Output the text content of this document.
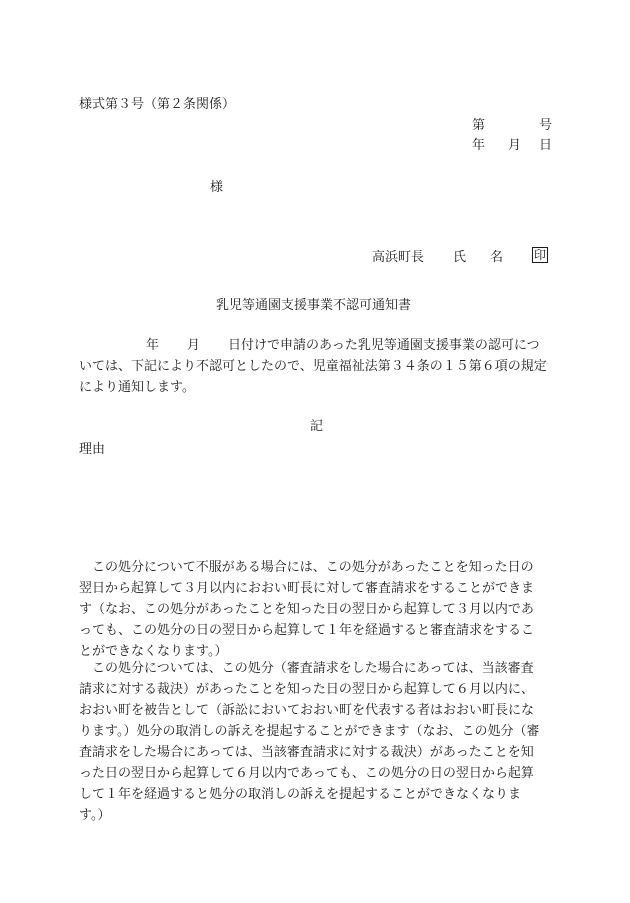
様式第３号（第２条関係）
第	号
年 月 日
様
高浜町長 氏 名	印
乳児等通園支援事業不認可通知書
年 月 日付けで申請のあった乳児等通園支援事業の認可につ
いては、下記により不認可としたので、児童福祉法第３４条の１５第６項の規定
により通知します。
記
理由
　この処分について不服がある場合には、この処分があったことを知った日の
翌日から起算して３月以内におおい町長に対して審査請求をすることができま
す（なお、この処分があったことを知った日の翌日から起算して３月以内であ
っても、この処分の日の翌日から起算して１年を経過すると審査請求をするこ
とができなくなります。）
　この処分については、この処分（審査請求をした場合にあっては、当該審査
請求に対する裁決）があったことを知った日の翌日から起算して６月以内に、
おおい町を被告として（訴訟においておおい町を代表する者はおおい町長にな
ります。）処分の取消しの訴えを提起することができます（なお、この処分（審
査請求をした場合にあっては、当該審査請求に対する裁決）があったことを知
った日の翌日から起算して６月以内であっても、この処分の日の翌日から起算
して１年を経過すると処分の取消しの訴えを提起することができなくなりま
す。）
